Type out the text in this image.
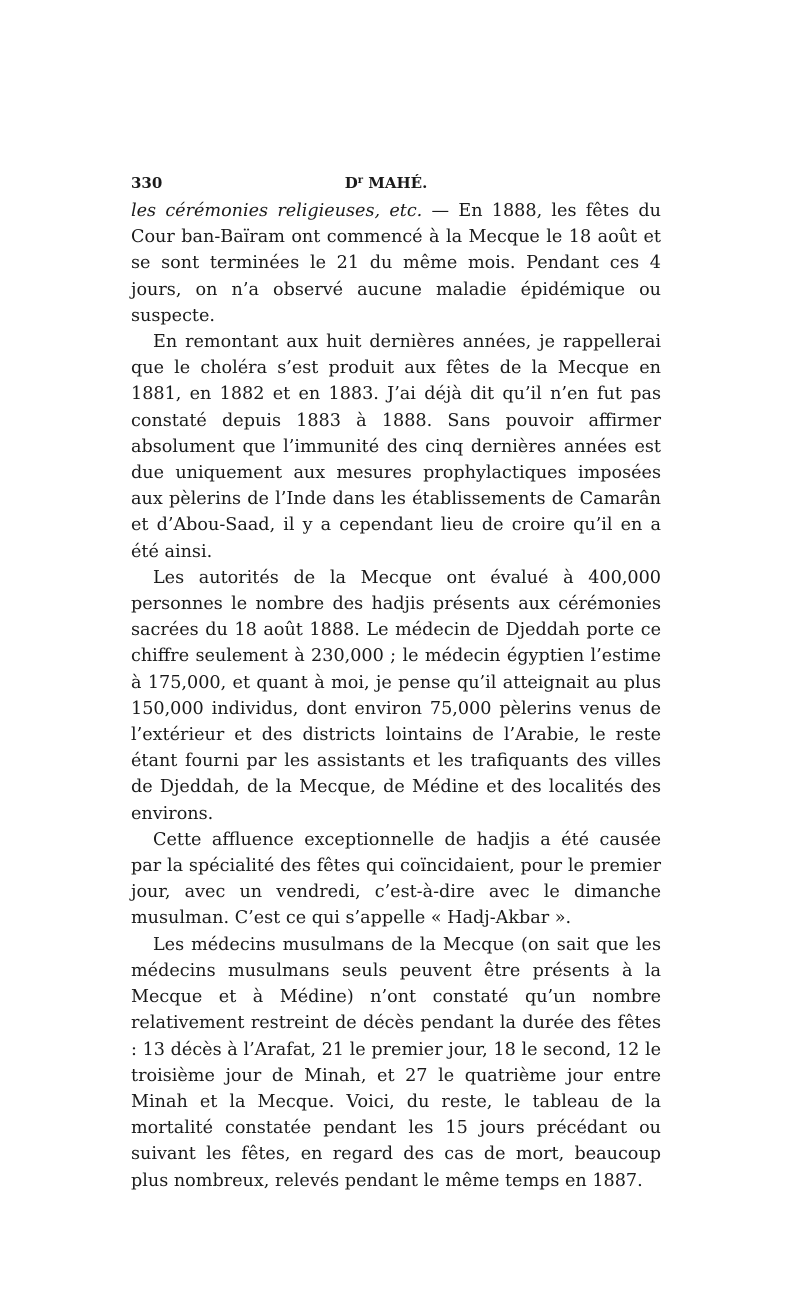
330	$D^r$ MAHÉ.

les cérémonies religieuses, etc. — En 1888, les fêtes du Cour ban-Baïram ont commencé à la Mecque le 18 août et se sont terminées le 21 du même mois. Pendant ces 4 jours, on n’a observé aucune maladie épidémique ou suspecte.

En remontant aux huit dernières années, je rappellerai que le choléra s’est produit aux fêtes de la Mecque en 1881, en 1882 et en 1883. J’ai déjà dit qu’il n’en fut pas constaté depuis 1883 à 1888. Sans pouvoir affirmer absolument que l’immunité des cinq dernières années est due uniquement aux mesures prophylactiques imposées aux pèlerins de l’Inde dans les établissements de Camarân et d’Abou-Saad, il y a cependant lieu de croire qu’il en a été ainsi.

Les autorités de la Mecque ont évalué à 400,000 personnes le nombre des hadjis présents aux cérémonies sacrées du 18 août 1888. Le médecin de Djeddah porte ce chiffre seulement à 230,000 ; le médecin égyptien l’estime à 175,000, et quant à moi, je pense qu’il atteignait au plus 150,000 individus, dont environ 75,000 pèlerins venus de l’extérieur et des districts lointains de l’Arabie, le reste étant fourni par les assistants et les trafiquants des villes de Djeddah, de la Mecque, de Médine et des localités des environs.

Cette affluence exceptionnelle de hadjis a été causée par la spécialité des fêtes qui coïncidaient, pour le premier jour, avec un vendredi, c’est-à-dire avec le dimanche musulman. C’est ce qui s’appelle « Hadj-Akbar ».

Les médecins musulmans de la Mecque (on sait que les médecins musulmans seuls peuvent être présents à la Mecque et à Médine) n’ont constaté qu’un nombre relativement restreint de décès pendant la durée des fêtes : 13 décès à l’Arafat, 21 le premier jour, 18 le second, 12 le troisième jour de Minah, et 27 le quatrième jour entre Minah et la Mecque. Voici, du reste, le tableau de la mortalité constatée pendant les 15 jours précédant ou suivant les fêtes, en regard des cas de mort, beaucoup plus nombreux, relevés pendant le même temps en 1887.
